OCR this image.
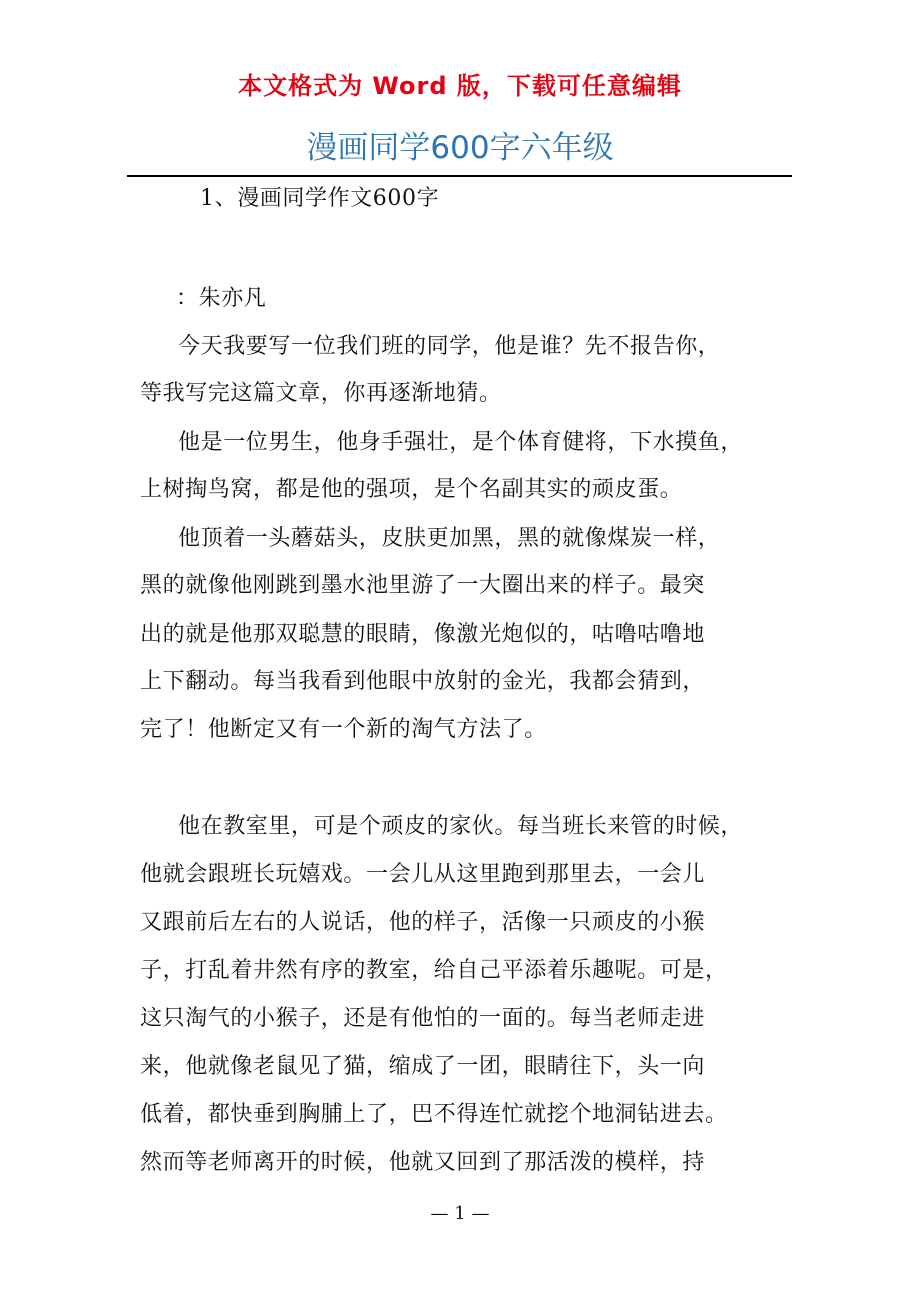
本文格式为 Word 版，下载可任意编辑
漫画同学600字六年级
1、漫画同学作文600字
：朱亦凡
今天我要写一位我们班的同学，他是谁？先不报告你，
等我写完这篇文章，你再逐渐地猜。
他是一位男生，他身手强壮，是个体育健将，下水摸鱼，
上树掏鸟窝，都是他的强项，是个名副其实的顽皮蛋。
他顶着一头蘑菇头，皮肤更加黑，黑的就像煤炭一样，
黑的就像他刚跳到墨水池里游了一大圈出来的样子。最突
出的就是他那双聪慧的眼睛，像激光炮似的，咕噜咕噜地
上下翻动。每当我看到他眼中放射的金光，我都会猜到，
完了！他断定又有一个新的淘气方法了。
他在教室里，可是个顽皮的家伙。每当班长来管的时候，
他就会跟班长玩嬉戏。一会儿从这里跑到那里去，一会儿
又跟前后左右的人说话，他的样子，活像一只顽皮的小猴
子，打乱着井然有序的教室，给自己平添着乐趣呢。可是，
这只淘气的小猴子，还是有他怕的一面的。每当老师走进
来，他就像老鼠见了猫，缩成了一团，眼睛往下，头一向
低着，都快垂到胸脯上了，巴不得连忙就挖个地洞钻进去。
然而等老师离开的时候，他就又回到了那活泼的模样，持
— 1 —
